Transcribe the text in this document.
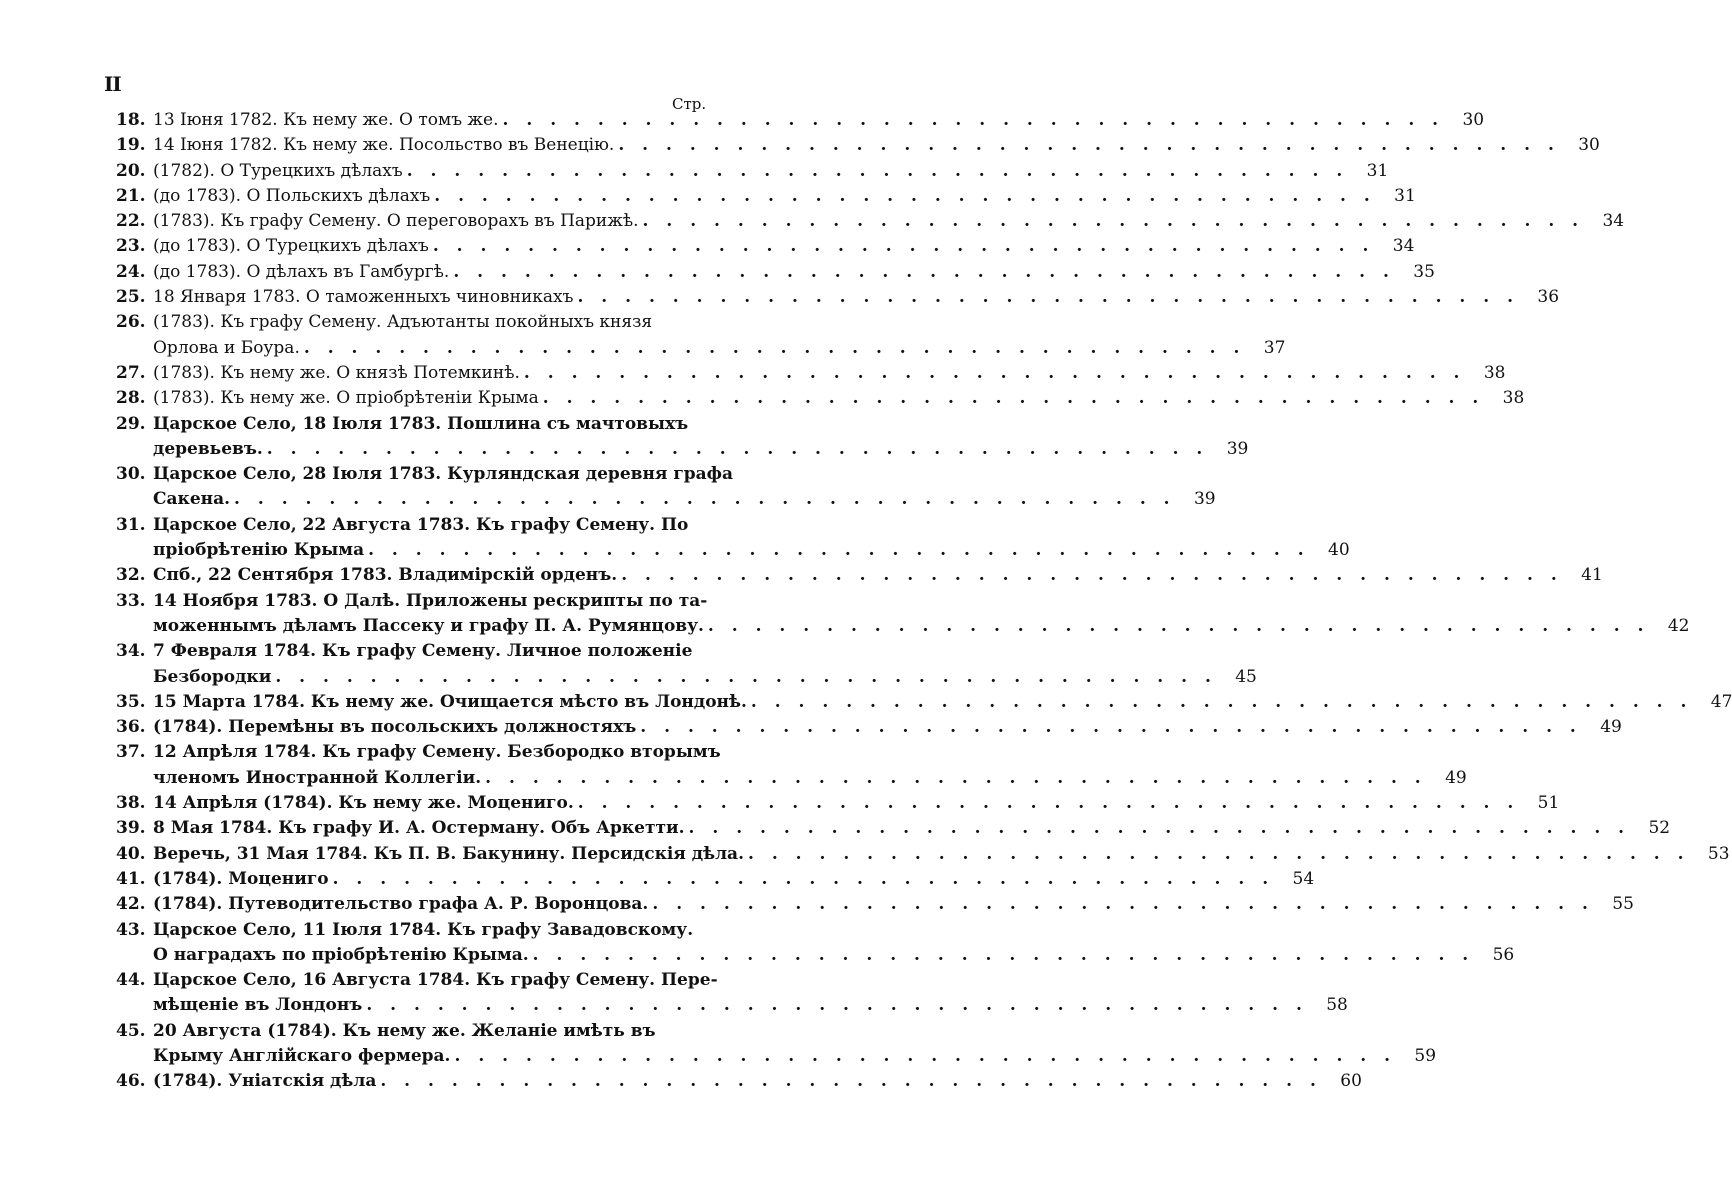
II
Стр.
18. 13 Іюня 1782. Къ нему же. О томъ же. . . .	30
19. 14 Іюня 1782. Къ нему же. Посольство въ Венецію. . . .	30
20. (1782). О Турецкихъ дѣлахъ . . .	31
21. (до 1783). О Польскихъ дѣлахъ . . .	31
22. (1783). Къ графу Семену. О переговорахъ въ Парижѣ. . . .	34
23. (до 1783). О Турецкихъ дѣлахъ . . .	34
24. (до 1783). О дѣлахъ въ Гамбургѣ. . . .	35
25. 18 Января 1783. О таможенныхъ чиновникахъ . . .	36
26. (1783). Къ графу Семену. Адъютанты покойныхъ князя
Орлова и Боура. . . .	37
27. (1783). Къ нему же. О князѣ Потемкинѣ. . . .	38
28. (1783). Къ нему же. О пріобрѣтеніи Крыма . . .	38
29. Царское Село, 18 Іюля 1783. Пошлина съ мачтовыхъ
деревьевъ. . . .	39
30. Царское Село, 28 Іюля 1783. Курляндская деревня графа
Сакена. . . .	39
31. Царское Село, 22 Августа 1783. Къ графу Семену. По
пріобрѣтенію Крыма . . .	40
32. Спб., 22 Сентября 1783. Владимірскій орденъ. . . .	41
33. 14 Ноября 1783. О Далѣ. Приложены рескрипты по та-
моженнымъ дѣламъ Пассеку и графу П. А. Румянцову. . . .	42
34. 7 Февраля 1784. Къ графу Семену. Личное положеніе
Безбородки . . .	45
35. 15 Марта 1784. Къ нему же. Очищается мѣсто въ Лондонѣ. . . .	47
36. (1784). Перемѣны въ посольскихъ должностяхъ . . .	49
37. 12 Апрѣля 1784. Къ графу Семену. Безбородко вторымъ
членомъ Иностранной Коллегіи. . . .	49
38. 14 Апрѣля (1784). Къ нему же. Моцениго. . . .	51
39. 8 Мая 1784. Къ графу И. А. Остерману. Объ Аркетти. . . .	52
40. Веречь, 31 Мая 1784. Къ П. В. Бакунину. Персидскія дѣла. . . .	53
41. (1784). Моцениго . . .	54
42. (1784). Путеводительство графа А. Р. Воронцова. . . .	55
43. Царское Село, 11 Іюля 1784. Къ графу Завадовскому.
О наградахъ по пріобрѣтенію Крыма. . . .	56
44. Царское Село, 16 Августа 1784. Къ графу Семену. Пере-
мѣщеніе въ Лондонъ . . .	58
45. 20 Августа (1784). Къ нему же. Желаніе имѣть въ
Крыму Англійскаго фермера. . . .	59
46. (1784). Уніатскія дѣла . . .	60
